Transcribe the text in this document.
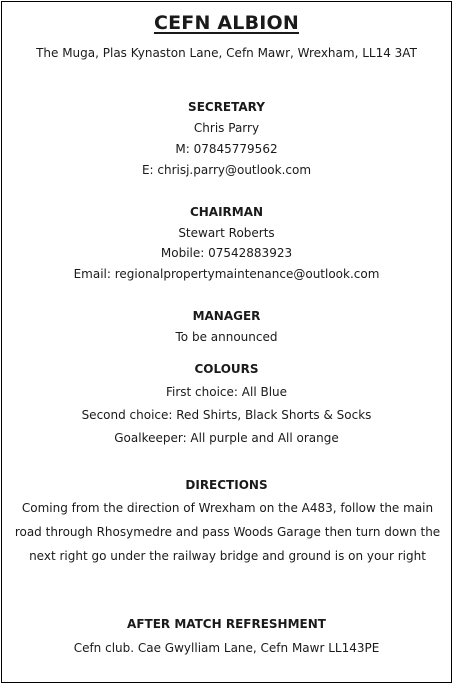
CEFN ALBION
The Muga, Plas Kynaston Lane, Cefn Mawr, Wrexham, LL14 3AT
SECRETARY
Chris Parry
M: 07845779562
E: chrisj.parry@outlook.com
CHAIRMAN
Stewart Roberts
Mobile: 07542883923
Email: regionalpropertymaintenance@outlook.com
MANAGER
To be announced
COLOURS
First choice: All Blue
Second choice: Red Shirts, Black Shorts & Socks
Goalkeeper: All purple and All orange
DIRECTIONS
Coming from the direction of Wrexham on the A483, follow the main road through Rhosymedre and pass Woods Garage then turn down the next right go under the railway bridge and ground is on your right
AFTER MATCH REFRESHMENT
Cefn club. Cae Gwylliam Lane, Cefn Mawr LL143PE
